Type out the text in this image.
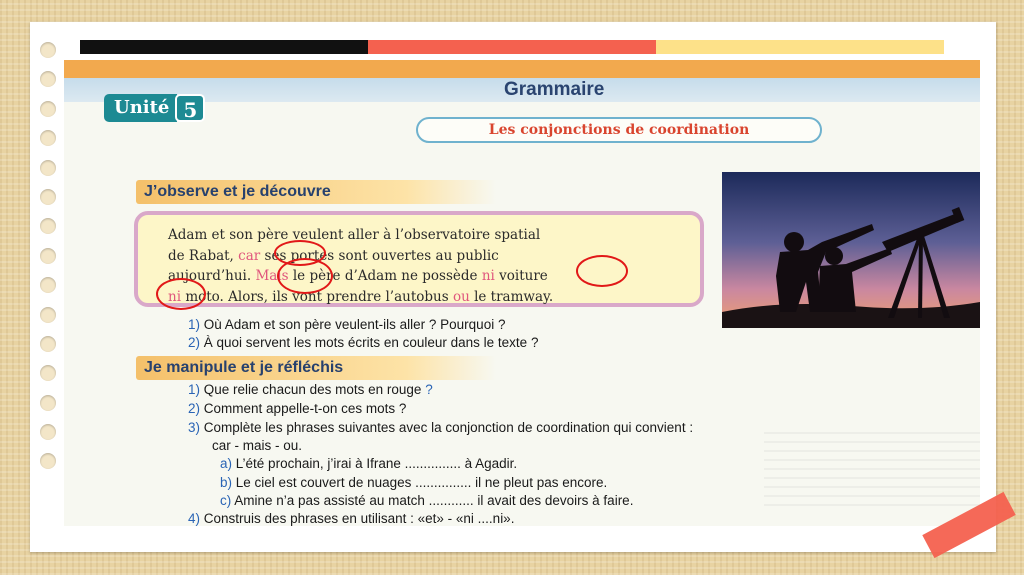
Unité 5
Grammaire
Les conjonctions de coordination
J’observe et je découvre
Adam et son père veulent aller à l’observatoire spatial
de Rabat, car ses portes sont ouvertes au public
aujourd’hui. Mais le père d’Adam ne possède ni voiture
ni moto. Alors, ils vont prendre l’autobus ou le tramway.
1) Où Adam et son père veulent-ils aller ? Pourquoi ?
2) À quoi servent les mots écrits en couleur dans le texte ?
Je manipule et je réfléchis
1) Que relie chacun des mots en rouge ?
2) Comment appelle-t-on ces mots ?
3) Complète les phrases suivantes avec la conjonction de coordination qui convient :
car - mais - ou.
a) L’été prochain, j’irai à Ifrane ............... à Agadir.
b) Le ciel est couvert de nuages ............... il ne pleut pas encore.
c) Amine n’a pas assisté au match ............ il avait des devoirs à faire.
4) Construis des phrases en utilisant : «et» - «ni ....ni».
